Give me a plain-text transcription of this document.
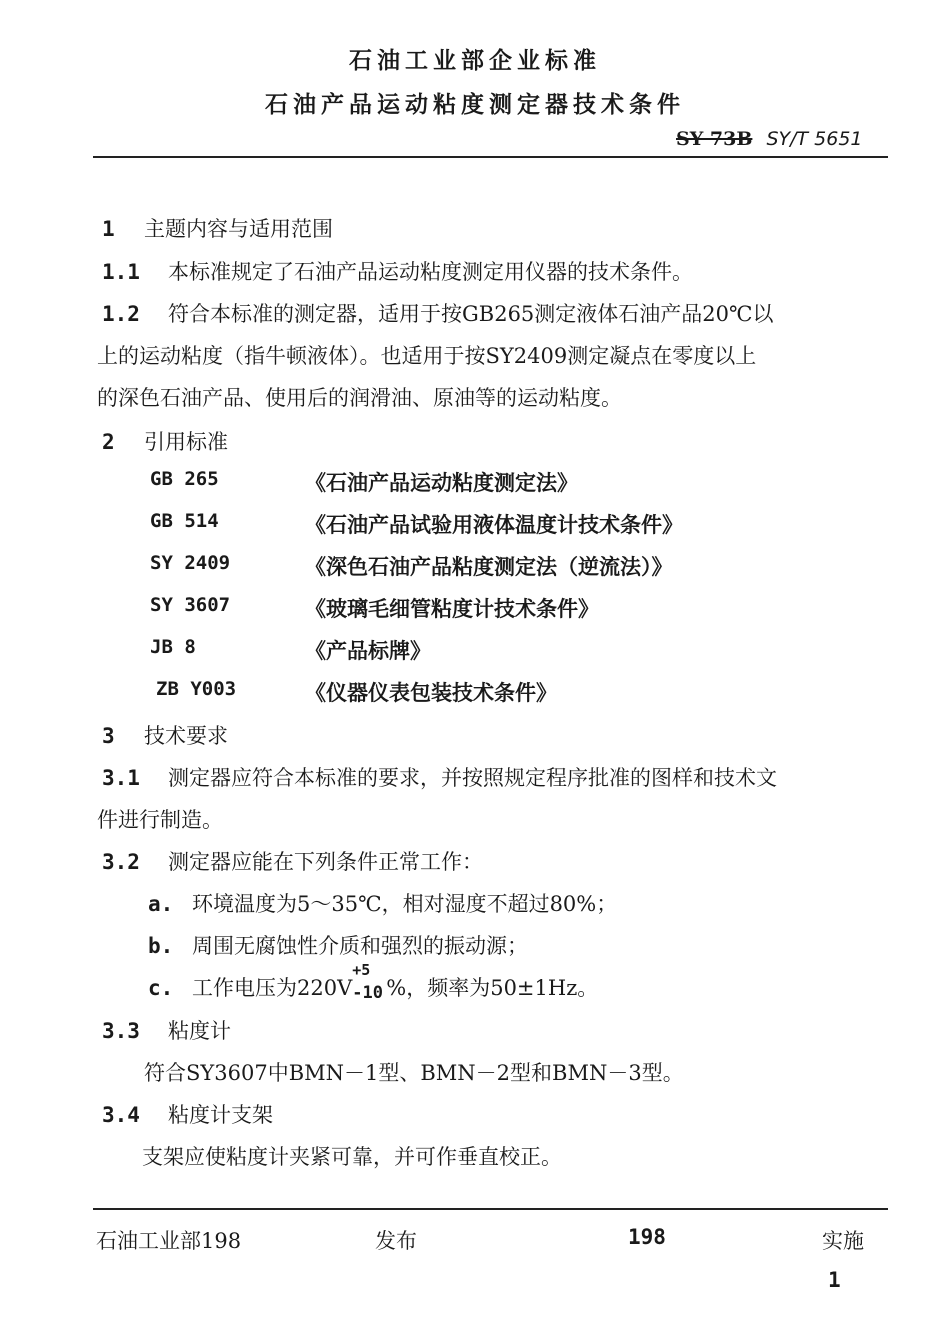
石油工业部企业标准
石油产品运动粘度测定器技术条件
SY 73B SY/T 5651
1 主题内容与适用范围
1.1 本标准规定了石油产品运动粘度测定用仪器的技术条件。
1.2 符合本标准的测定器，适用于按GB265测定液体石油产品20℃以
上的运动粘度（指牛顿液体）。也适用于按SY2409测定凝点在零度以上
的深色石油产品、使用后的润滑油、原油等的运动粘度。
2 引用标准
GB 265	《石油产品运动粘度测定法》
GB 514	《石油产品试验用液体温度计技术条件》
SY 2409	《深色石油产品粘度测定法（逆流法）》
SY 3607	《玻璃毛细管粘度计技术条件》
JB 8	《产品标牌》
ZB Y003	《仪器仪表包装技术条件》
3 技术要求
3.1 测定器应符合本标准的要求，并按照规定程序批准的图样和技术文
件进行制造。
3.2 测定器应能在下列条件正常工作：
a. 环境温度为5～35℃，相对湿度不超过80%；
b. 周围无腐蚀性介质和强烈的振动源；
c. 工作电压为220V
+5
-10 %，频率为50±1Hz。
3.3 粘度计
符合SY3607中BMN－1型、BMN－2型和BMN－3型。
3.4 粘度计支架
支架应使粘度计夹紧可靠，并可作垂直校正。
石油工业部198	发布	198	实施
1
